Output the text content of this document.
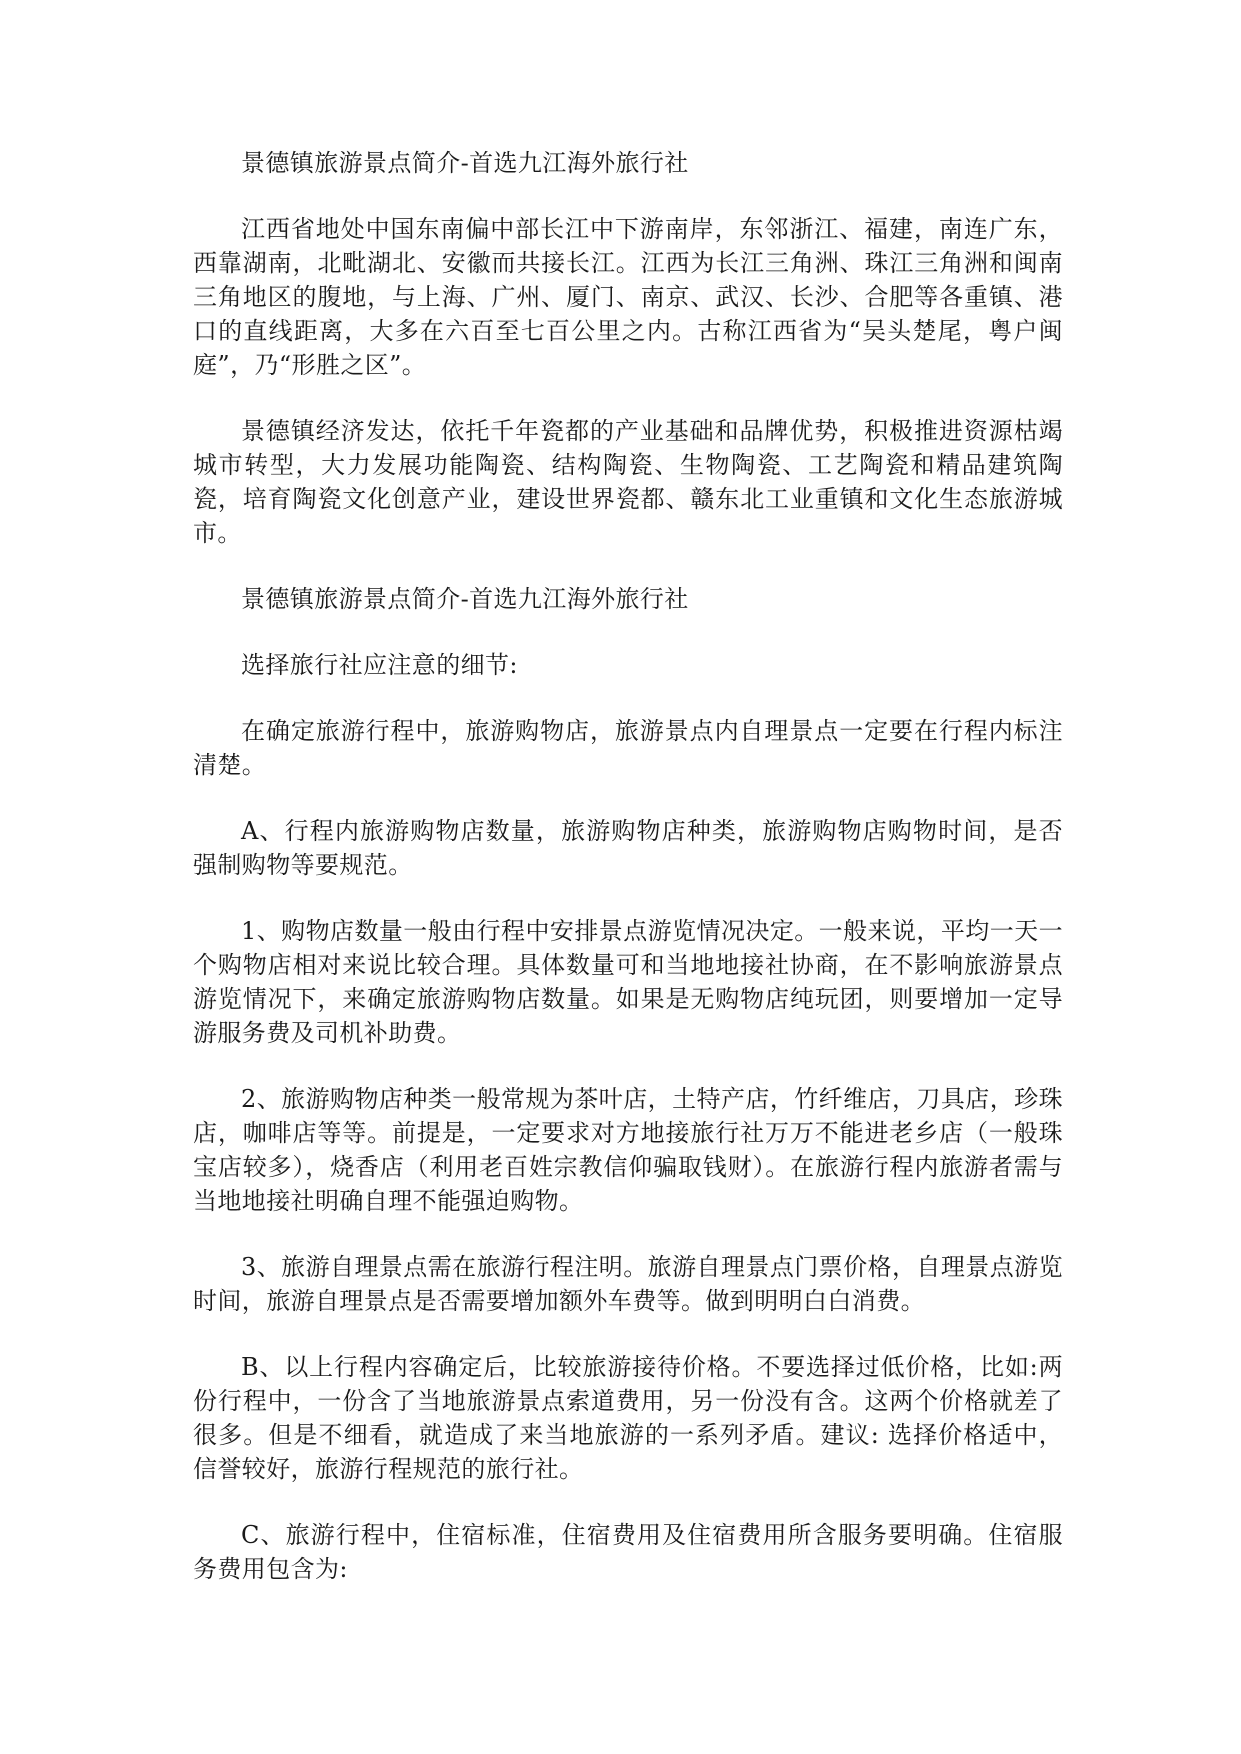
景德镇旅游景点简介-首选九江海外旅行社

江西省地处中国东南偏中部长江中下游南岸，东邻浙江、福建，南连广东，西靠湖南，北毗湖北、安徽而共接长江。江西为长江三角洲、珠江三角洲和闽南三角地区的腹地，与上海、广州、厦门、南京、武汉、长沙、合肥等各重镇、港口的直线距离，大多在六百至七百公里之内。古称江西省为“吴头楚尾，粤户闽庭”，乃“形胜之区”。

景德镇经济发达，依托千年瓷都的产业基础和品牌优势，积极推进资源枯竭城市转型，大力发展功能陶瓷、结构陶瓷、生物陶瓷、工艺陶瓷和精品建筑陶瓷，培育陶瓷文化创意产业，建设世界瓷都、赣东北工业重镇和文化生态旅游城市。

景德镇旅游景点简介-首选九江海外旅行社

选择旅行社应注意的细节:

在确定旅游行程中，旅游购物店，旅游景点内自理景点一定要在行程内标注清楚。

A、行程内旅游购物店数量，旅游购物店种类，旅游购物店购物时间，是否强制购物等要规范。

1、购物店数量一般由行程中安排景点游览情况决定。一般来说，平均一天一个购物店相对来说比较合理。具体数量可和当地地接社协商，在不影响旅游景点游览情况下，来确定旅游购物店数量。如果是无购物店纯玩团，则要增加一定导游服务费及司机补助费。

2、旅游购物店种类一般常规为茶叶店，土特产店，竹纤维店，刀具店，珍珠店，咖啡店等等。前提是，一定要求对方地接旅行社万万不能进老乡店（一般珠宝店较多），烧香店（利用老百姓宗教信仰骗取钱财）。在旅游行程内旅游者需与当地地接社明确自理不能强迫购物。

3、旅游自理景点需在旅游行程注明。旅游自理景点门票价格，自理景点游览时间，旅游自理景点是否需要增加额外车费等。做到明明白白消费。

B、以上行程内容确定后，比较旅游接待价格。不要选择过低价格，比如:两份行程中，一份含了当地旅游景点索道费用，另一份没有含。这两个价格就差了很多。但是不细看，就造成了来当地旅游的一系列矛盾。建议: 选择价格适中，信誉较好，旅游行程规范的旅行社。

C、旅游行程中，住宿标准，住宿费用及住宿费用所含服务要明确。住宿服务费用包含为:
